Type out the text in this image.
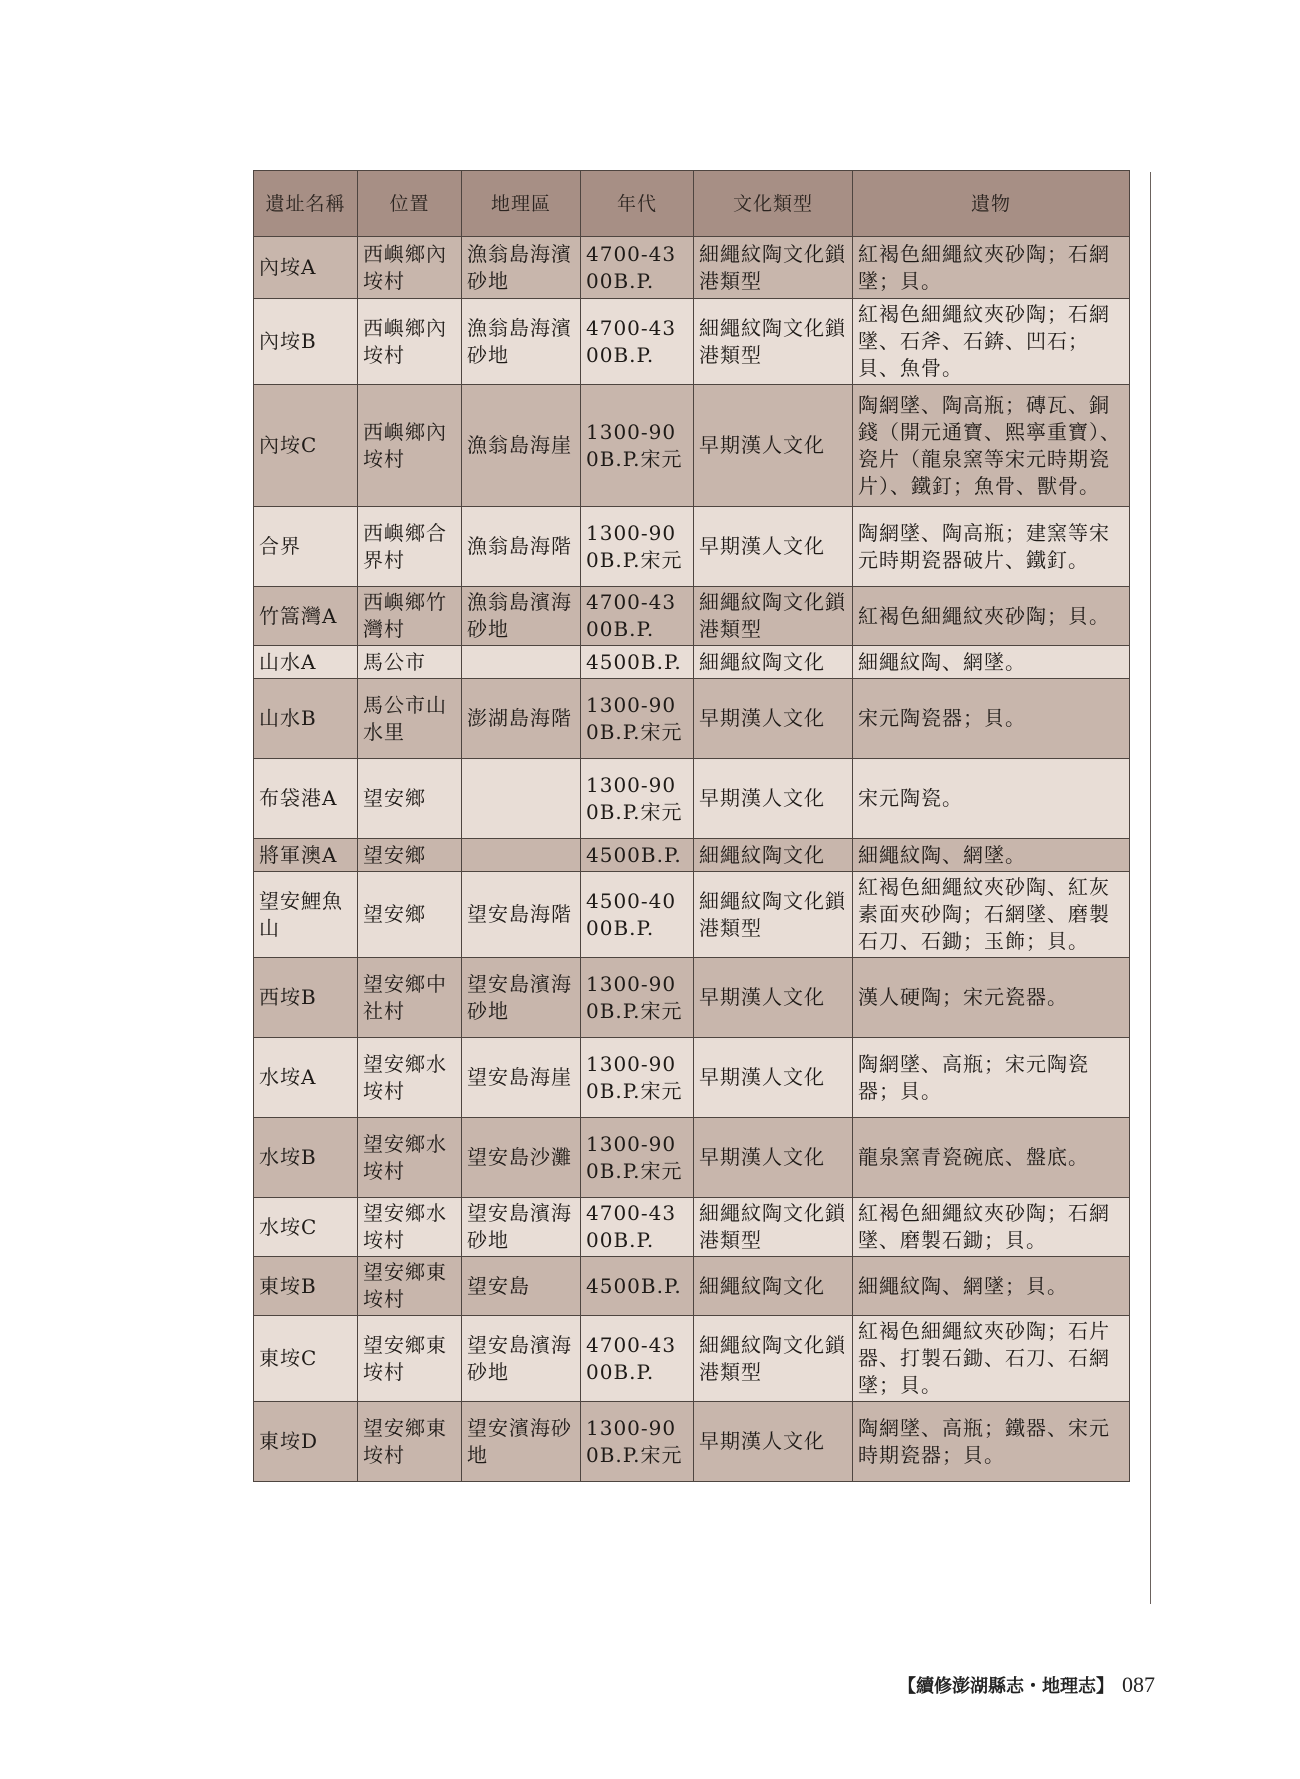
遺址名稱	位置	地理區	年代	文化類型	遺物
內垵A	西嶼鄉內垵村	漁翁島海濱砂地	4700-4300B.P.	細繩紋陶文化鎖港類型	紅褐色細繩紋夾砂陶；石網墜；貝。
內垵B	西嶼鄉內垵村	漁翁島海濱砂地	4700-4300B.P.	細繩紋陶文化鎖港類型	紅褐色細繩紋夾砂陶；石網墜、石斧、石錛、凹石；貝、魚骨。
內垵C	西嶼鄉內垵村	漁翁島海崖	1300-900B.P.宋元	早期漢人文化	陶網墜、陶高瓶；磚瓦、銅錢（開元通寶、熙寧重寶）、瓷片（龍泉窯等宋元時期瓷片）、鐵釘；魚骨、獸骨。
合界	西嶼鄉合界村	漁翁島海階	1300-900B.P.宋元	早期漢人文化	陶網墜、陶高瓶；建窯等宋元時期瓷器破片、鐵釘。
竹篙灣A	西嶼鄉竹灣村	漁翁島濱海砂地	4700-4300B.P.	細繩紋陶文化鎖港類型	紅褐色細繩紋夾砂陶；貝。
山水A	馬公市		4500B.P.	細繩紋陶文化	細繩紋陶、網墜。
山水B	馬公市山水里	澎湖島海階	1300-900B.P.宋元	早期漢人文化	宋元陶瓷器；貝。
布袋港A	望安鄉		1300-900B.P.宋元	早期漢人文化	宋元陶瓷。
將軍澳A	望安鄉		4500B.P.	細繩紋陶文化	細繩紋陶、網墜。
望安鯉魚山	望安鄉	望安島海階	4500-4000B.P.	細繩紋陶文化鎖港類型	紅褐色細繩紋夾砂陶、紅灰素面夾砂陶；石網墜、磨製石刀、石鋤；玉飾；貝。
西垵B	望安鄉中社村	望安島濱海砂地	1300-900B.P.宋元	早期漢人文化	漢人硬陶；宋元瓷器。
水垵A	望安鄉水垵村	望安島海崖	1300-900B.P.宋元	早期漢人文化	陶網墜、高瓶；宋元陶瓷器；貝。
水垵B	望安鄉水垵村	望安島沙灘	1300-900B.P.宋元	早期漢人文化	龍泉窯青瓷碗底、盤底。
水垵C	望安鄉水垵村	望安島濱海砂地	4700-4300B.P.	細繩紋陶文化鎖港類型	紅褐色細繩紋夾砂陶；石網墜、磨製石鋤；貝。
東垵B	望安鄉東垵村	望安島	4500B.P.	細繩紋陶文化	細繩紋陶、網墜；貝。
東垵C	望安鄉東垵村	望安島濱海砂地	4700-4300B.P.	細繩紋陶文化鎖港類型	紅褐色細繩紋夾砂陶；石片器、打製石鋤、石刀、石網墜；貝。
東垵D	望安鄉東垵村	望安濱海砂地	1300-900B.P.宋元	早期漢人文化	陶網墜、高瓶；鐵器、宋元時期瓷器；貝。
【續修澎湖縣志・地理志】 087
